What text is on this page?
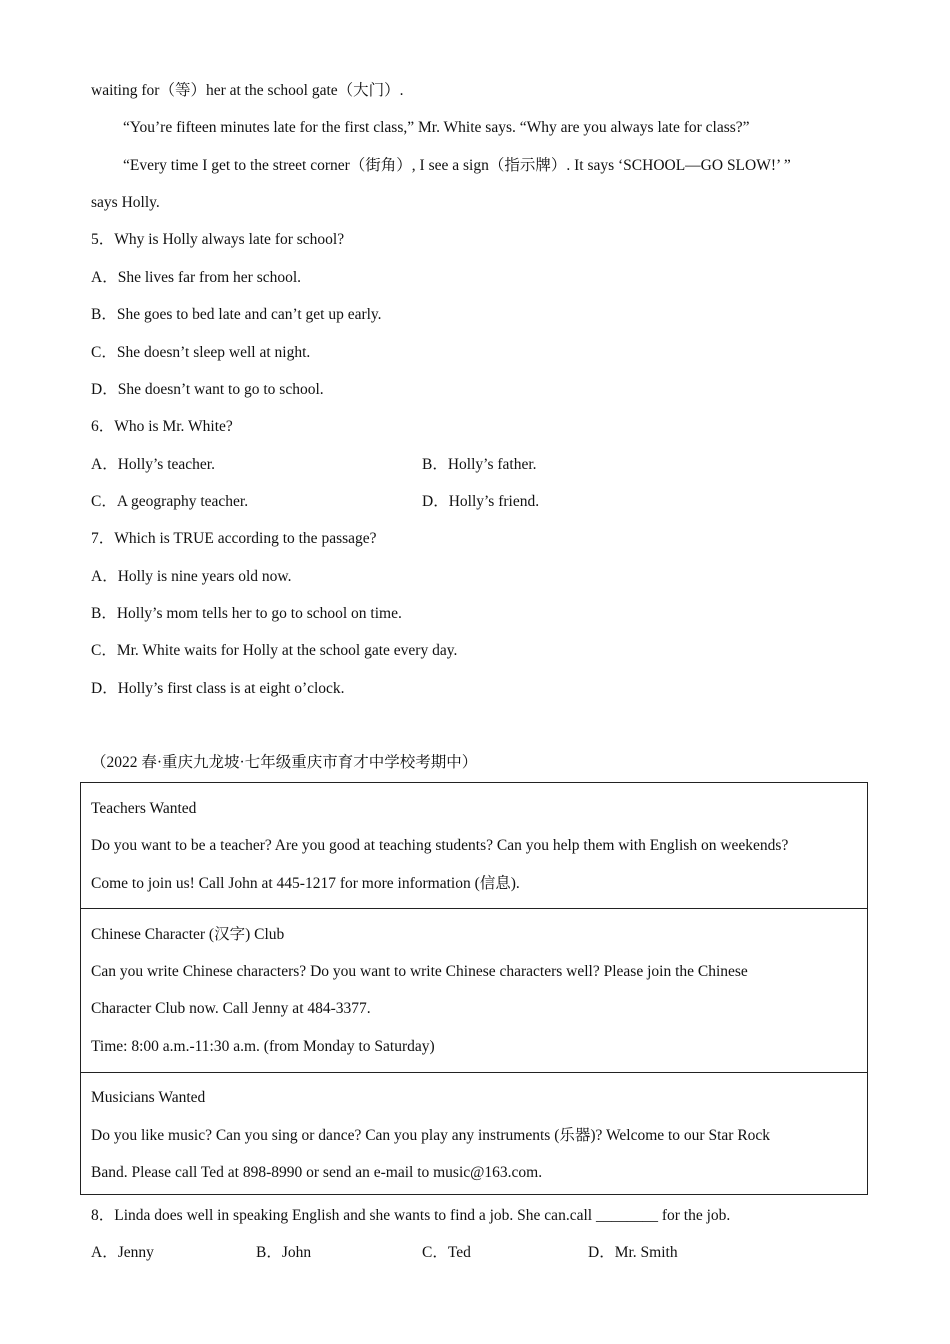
waiting for（等）her at the school gate（大门）.
“You’re fifteen minutes late for the first class,” Mr. White says. “Why are you always late for class?”
“Every time I get to the street corner（街角）, I see a sign（指示牌）. It says ‘SCHOOL—GO SLOW!’ ”
says Holly.
5．Why is Holly always late for school?
A．She lives far from her school.
B．She goes to bed late and can’t get up early.
C．She doesn’t sleep well at night.
D．She doesn’t want to go to school.
6．Who is Mr. White?
A．Holly’s teacher.	B．Holly’s father.
C．A geography teacher.	D．Holly’s friend.
7．Which is TRUE according to the passage?
A．Holly is nine years old now.
B．Holly’s mom tells her to go to school on time.
C．Mr. White waits for Holly at the school gate every day.
D．Holly’s first class is at eight o’clock.
（2022 春·重庆九龙坡·七年级重庆市育才中学校考期中）
Teachers Wanted
Do you want to be a teacher? Are you good at teaching students? Can you help them with English on weekends?
Come to join us! Call John at 445-1217 for more information (信息).
Chinese Character (汉字) Club
Can you write Chinese characters? Do you want to write Chinese characters well? Please join the Chinese
Character Club now. Call Jenny at 484-3377.
Time: 8:00 a.m.-11:30 a.m. (from Monday to Saturday)
Musicians Wanted
Do you like music? Can you sing or dance? Can you play any instruments (乐器)? Welcome to our Star Rock
Band. Please call Ted at 898-8990 or send an e-mail to music@163.com.
8．Linda does well in speaking English and she wants to find a job. She can.call ________ for the job.
A．Jenny	B．John	C．Ted	D．Mr. Smith
